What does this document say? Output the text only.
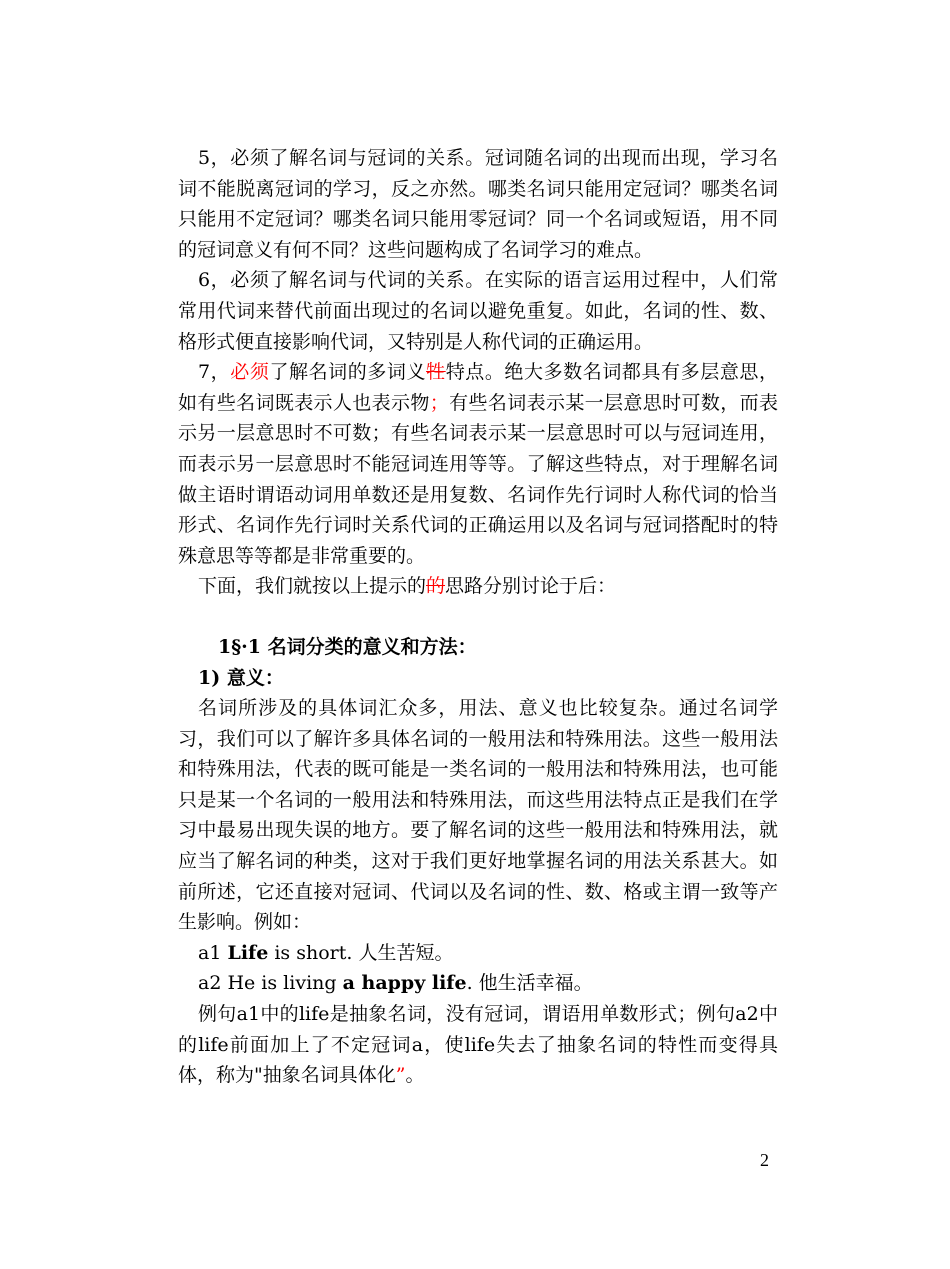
5，必须了解名词与冠词的关系。冠词随名词的出现而出现，学习名词不能脱离冠词的学习，反之亦然。哪类名词只能用定冠词？哪类名词只能用不定冠词？哪类名词只能用零冠词？同一个名词或短语，用不同的冠词意义有何不同？这些问题构成了名词学习的难点。

6，必须了解名词与代词的关系。在实际的语言运用过程中，人们常常用代词来替代前面出现过的名词以避免重复。如此，名词的性、数、格形式便直接影响代词，又特别是人称代词的正确运用。

7，必须了解名词的多词义牲特点。绝大多数名词都具有多层意思，如有些名词既表示人也表示物；有些名词表示某一层意思时可数，而表示另一层意思时不可数；有些名词表示某一层意思时可以与冠词连用，而表示另一层意思时不能冠词连用等等。了解这些特点，对于理解名词做主语时谓语动词用单数还是用复数、名词作先行词时人称代词的恰当形式、名词作先行词时关系代词的正确运用以及名词与冠词搭配时的特殊意思等等都是非常重要的。

下面，我们就按以上提示的的思路分别讨论于后：

1§·1 名词分类的意义和方法：

1) 意义：

名词所涉及的具体词汇众多，用法、意义也比较复杂。通过名词学习，我们可以了解许多具体名词的一般用法和特殊用法。这些一般用法和特殊用法，代表的既可能是一类名词的一般用法和特殊用法，也可能只是某一个名词的一般用法和特殊用法，而这些用法特点正是我们在学习中最易出现失误的地方。要了解名词的这些一般用法和特殊用法，就应当了解名词的种类，这对于我们更好地掌握名词的用法关系甚大。如前所述，它还直接对冠词、代词以及名词的性、数、格或主谓一致等产生影响。例如：

a1 Life is short. 人生苦短。

a2 He is living a happy life. 他生活幸福。

例句a1中的life是抽象名词，没有冠词，谓语用单数形式；例句a2中的life前面加上了不定冠词a，使life失去了抽象名词的特性而变得具体，称为"抽象名词具体化”。

2
